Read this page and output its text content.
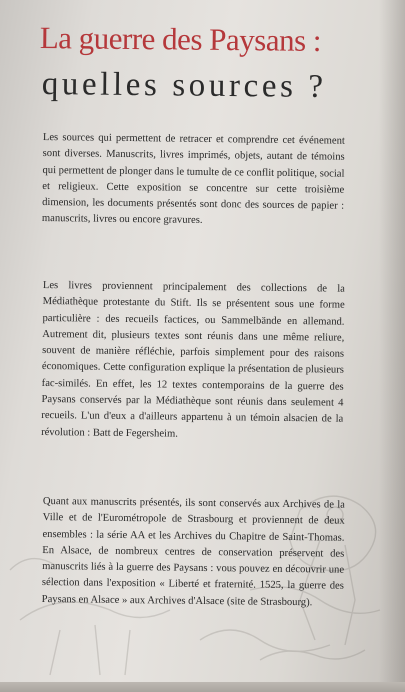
La guerre des Paysans :
quelles sources ?

Les sources qui permettent de retracer et comprendre cet événement sont diverses. Manuscrits, livres imprimés, objets, autant de témoins qui permettent de plonger dans le tumulte de ce conflit politique, social et religieux. Cette exposition se concentre sur cette troisième dimension, les documents présentés sont donc des sources de papier : manuscrits, livres ou encore gravures.

Les livres proviennent principalement des collections de la Médiathèque protestante du Stift. Ils se présentent sous une forme particulière : des recueils factices, ou Sammelbände en allemand. Autrement dit, plusieurs textes sont réunis dans une même reliure, souvent de manière réfléchie, parfois simplement pour des raisons économiques. Cette configuration explique la présentation de plusieurs fac-similés. En effet, les 12 textes contemporains de la guerre des Paysans conservés par la Médiathèque sont réunis dans seulement 4 recueils. L'un d'eux a d'ailleurs appartenu à un témoin alsacien de la révolution : Batt de Fegersheim.

Quant aux manuscrits présentés, ils sont conservés aux Archives de la Ville et de l'Eurométropole de Strasbourg et proviennent de deux ensembles : la série AA et les Archives du Chapitre de Saint-Thomas. En Alsace, de nombreux centres de conservation préservent des manuscrits liés à la guerre des Paysans : vous pouvez en découvrir une sélection dans l'exposition « Liberté et fraternité. 1525, la guerre des Paysans en Alsace » aux Archives d'Alsace (site de Strasbourg).
